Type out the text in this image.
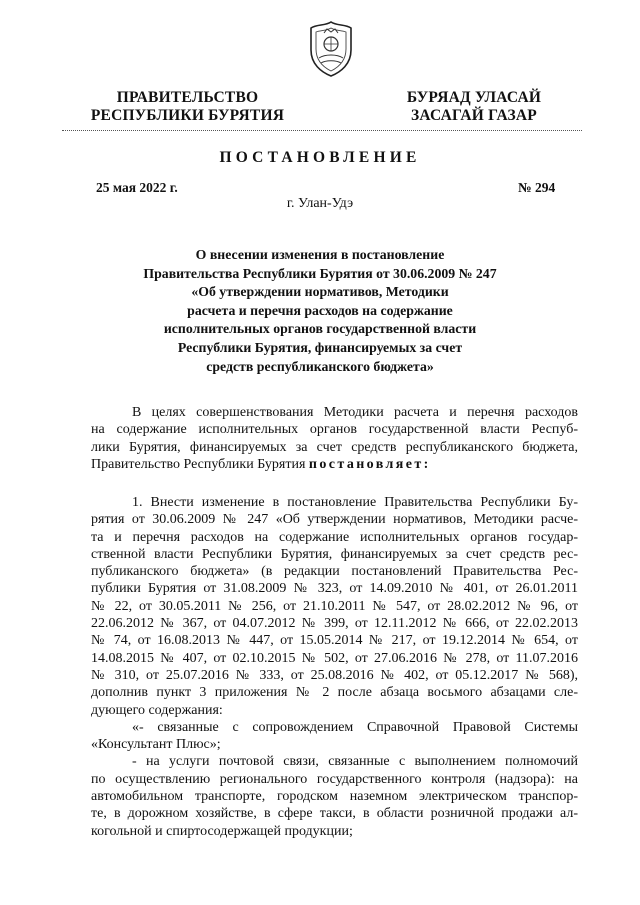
ПРАВИТЕЛЬСТВО
РЕСПУБЛИКИ БУРЯТИЯ
БУРЯАД УЛАСАЙ
ЗАСАГАЙ ГАЗАР
ПОСТАНОВЛЕНИЕ
25 мая 2022 г.	№ 294
г. Улан-Удэ
О внесении изменения в постановление
Правительства Республики Бурятия от 30.06.2009 № 247
«Об утверждении нормативов, Методики
расчета и перечня расходов на содержание
исполнительных органов государственной власти
Республики Бурятия, финансируемых за счет
средств республиканского бюджета»
В целях совершенствования Методики расчета и перечня расходов
на содержание исполнительных органов государственной власти Респуб-
лики Бурятия, финансируемых за счет средств республиканского бюджета,
Правительство Республики Бурятия постановляет:
1. Внести изменение в постановление Правительства Республики Бу-
рятия от 30.06.2009 № 247 «Об утверждении нормативов, Методики расче-
та и перечня расходов на содержание исполнительных органов государ-
ственной власти Республики Бурятия, финансируемых за счет средств рес-
публиканского бюджета» (в редакции постановлений Правительства Рес-
публики Бурятия от 31.08.2009 № 323, от 14.09.2010 № 401, от 26.01.2011
№ 22, от 30.05.2011 № 256, от 21.10.2011 № 547, от 28.02.2012 № 96, от
22.06.2012 № 367, от 04.07.2012 № 399, от 12.11.2012 № 666, от 22.02.2013
№ 74, от 16.08.2013 № 447, от 15.05.2014 № 217, от 19.12.2014 № 654, от
14.08.2015 № 407, от 02.10.2015 № 502, от 27.06.2016 № 278, от 11.07.2016
№ 310, от 25.07.2016 № 333, от 25.08.2016 № 402, от 05.12.2017 № 568),
дополнив пункт 3 приложения № 2 после абзаца восьмого абзацами сле-
дующего содержания:
«- связанные с сопровождением Справочной Правовой Системы
«Консультант Плюс»;
- на услуги почтовой связи, связанные с выполнением полномочий
по осуществлению регионального государственного контроля (надзора): на
автомобильном транспорте, городском наземном электрическом транспор-
те, в дорожном хозяйстве, в сфере такси, в области розничной продажи ал-
когольной и спиртосодержащей продукции;
